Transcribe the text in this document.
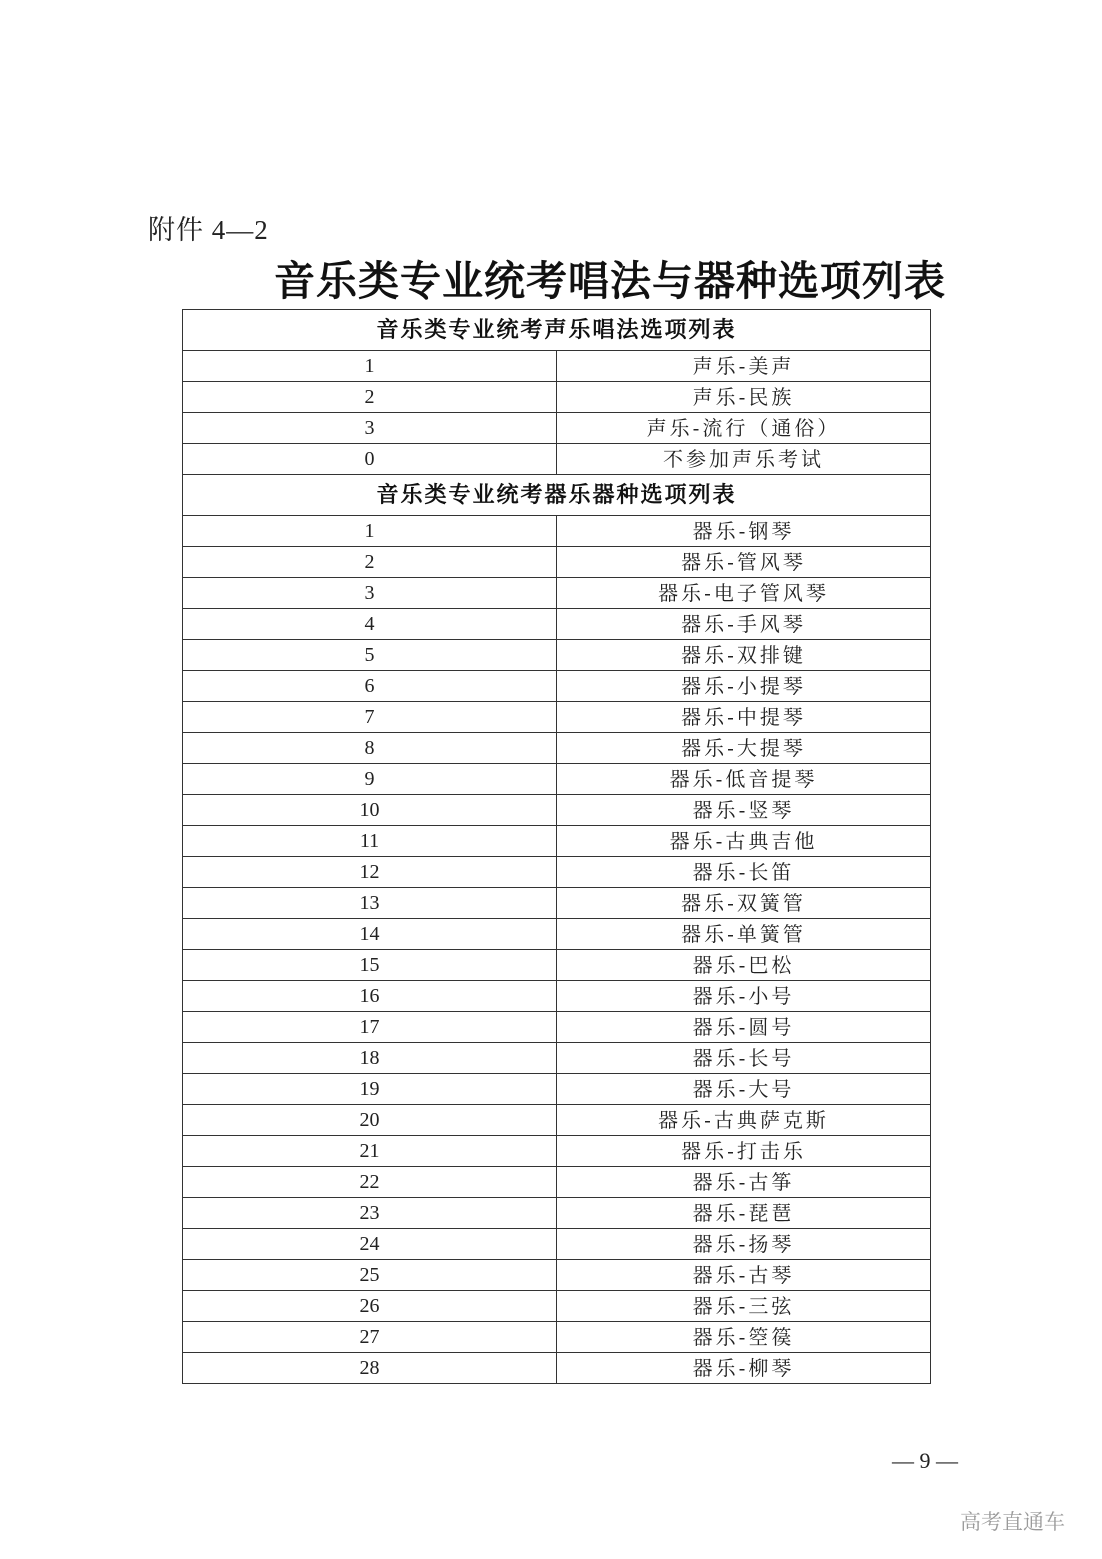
附件 4—2
音乐类专业统考唱法与器种选项列表
音乐类专业统考声乐唱法选项列表	
1	声乐-美声
2	声乐-民族
3	声乐-流行（通俗）
0	不参加声乐考试
音乐类专业统考器乐器种选项列表	
1	器乐-钢琴
2	器乐-管风琴
3	器乐-电子管风琴
4	器乐-手风琴
5	器乐-双排键
6	器乐-小提琴
7	器乐-中提琴
8	器乐-大提琴
9	器乐-低音提琴
10	器乐-竖琴
11	器乐-古典吉他
12	器乐-长笛
13	器乐-双簧管
14	器乐-单簧管
15	器乐-巴松
16	器乐-小号
17	器乐-圆号
18	器乐-长号
19	器乐-大号
20	器乐-古典萨克斯
21	器乐-打击乐
22	器乐-古筝
23	器乐-琵琶
24	器乐-扬琴
25	器乐-古琴
26	器乐-三弦
27	器乐-箜篌
28	器乐-柳琴
— 9 —
高考直通车
